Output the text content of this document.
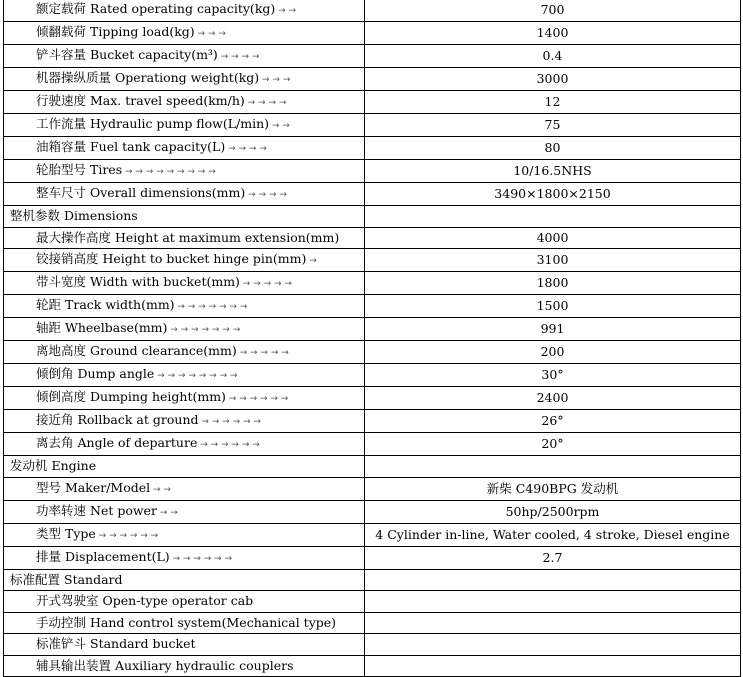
额定载荷 Rated operating capacity(kg) → →	700
倾翻载荷 Tipping load(kg) → → →	1400
铲斗容量 Bucket capacity(m³) → → → →	0.4
机器操纵质量 Operationg weight(kg) → → →	3000
行驶速度 Max. travel speed(km/h) → → → →	12
工作流量 Hydraulic pump flow(L/min) → →	75
油箱容量 Fuel tank capacity(L) → → → →	80
轮胎型号 Tires → → → → → → → → →	10/16.5NHS
整车尺寸 Overall dimensions(mm) → → → →	3490×1800×2150
整机参数 Dimensions	
最大操作高度 Height at maximum extension(mm)	4000
铰接销高度 Height to bucket hinge pin(mm) →	3100
带斗宽度 Width with bucket(mm) → → → → →	1800
轮距 Track width(mm) → → → → → → →	1500
轴距 Wheelbase(mm) → → → → → → →	991
离地高度 Ground clearance(mm) → → → → →	200
倾倒角 Dump angle → → → → → → → →	30°
倾倒高度 Dumping height(mm) → → → → → →	2400
接近角 Rollback at ground → → → → → →	26°
离去角 Angle of departure → → → → → →	20°
发动机 Engine	
型号 Maker/Model → →	新柴 C490BPG 发动机
功率转速 Net power → →	50hp/2500rpm
类型 Type → → → → → →	4 Cylinder in-line, Water cooled, 4 stroke, Diesel engine
排量 Displacement(L) → → → → → →	2.7
标准配置 Standard	
开式驾驶室 Open-type operator cab	
手动控制 Hand control system(Mechanical type)	
标准铲斗 Standard bucket	
辅具输出装置 Auxiliary hydraulic couplers	
